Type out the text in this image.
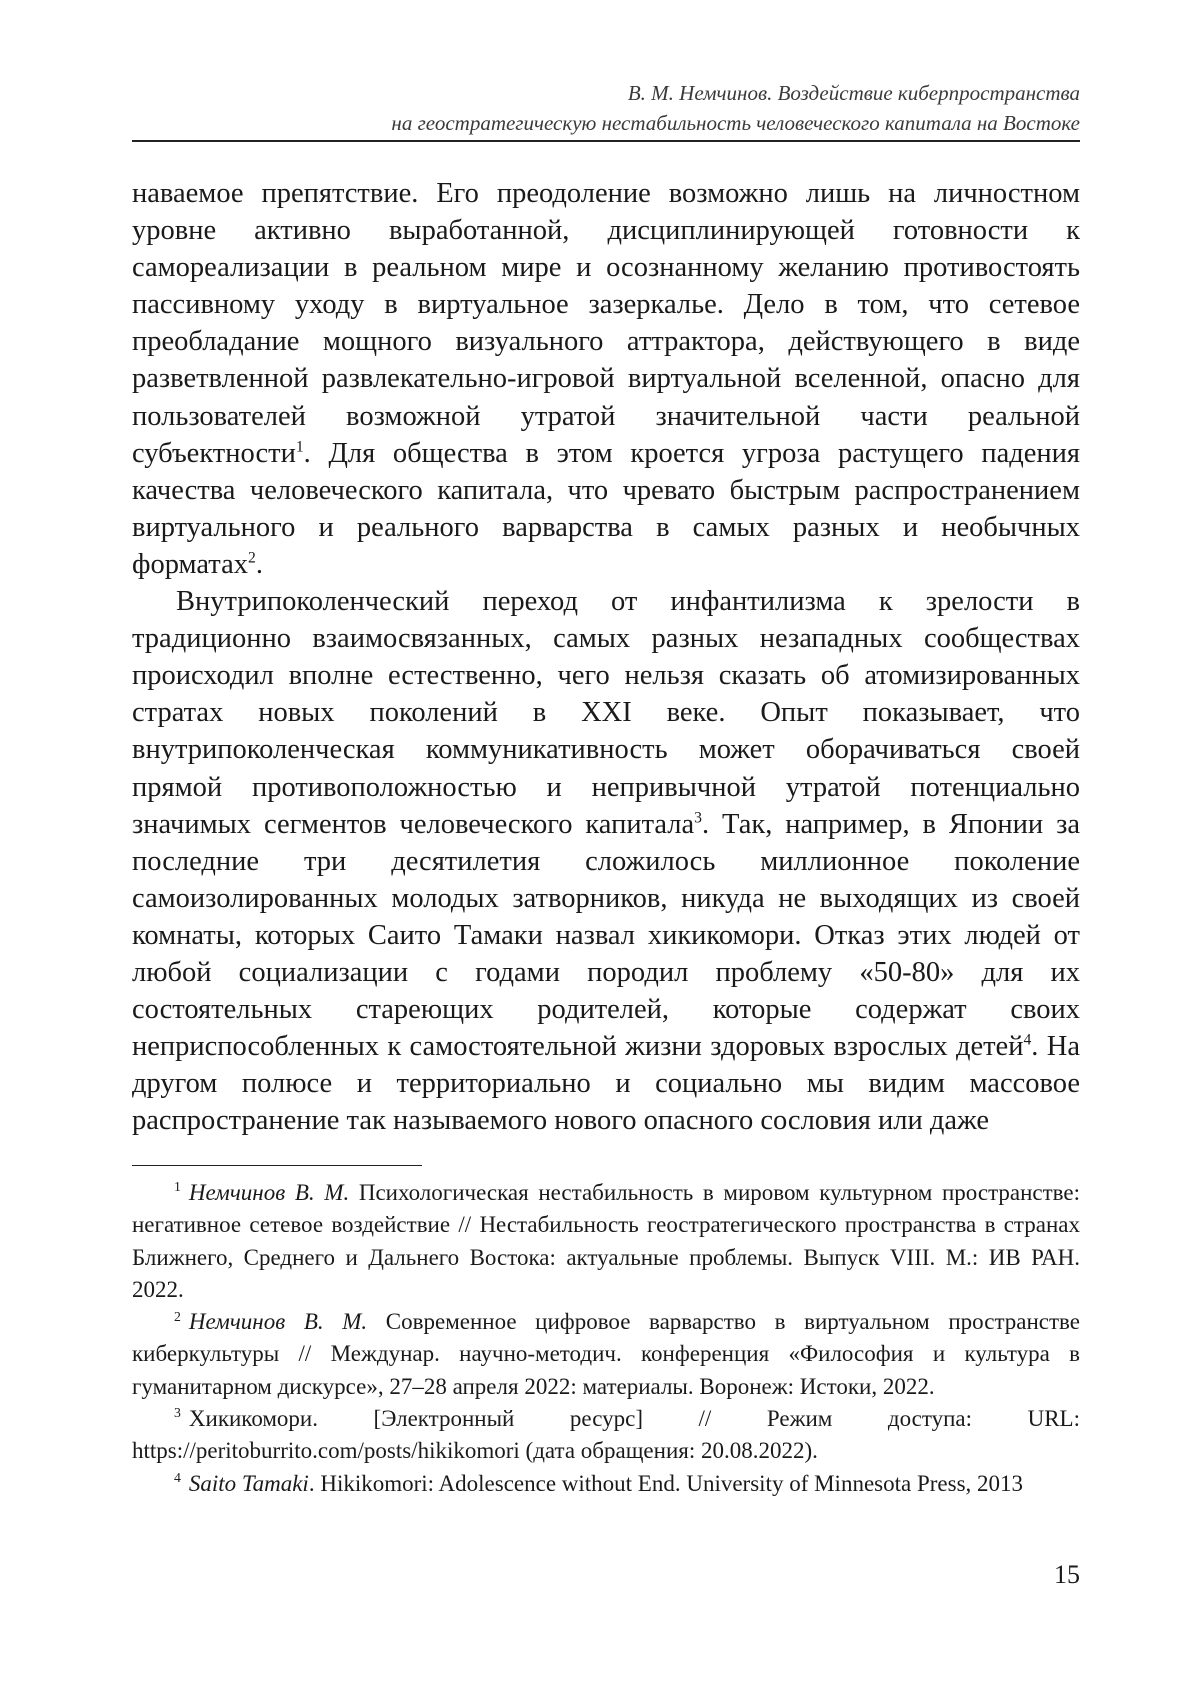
В. М. Немчинов. Воздействие киберпространства
на геостратегическую нестабильность человеческого капитала на Востоке

наваемое препятствие. Его преодоление возможно лишь на личностном уровне активно выработанной, дисциплинирующей готовности к самореализации в реальном мире и осознанному желанию противостоять пассивному уходу в виртуальное зазеркалье. Дело в том, что сетевое преобладание мощного визуального аттрактора, действующего в виде разветвленной развлекательно-игровой виртуальной вселенной, опасно для пользователей возможной утратой значительной части реальной субъектности1. Для общества в этом кроется угроза растущего падения качества человеческого капитала, что чревато быстрым распространением виртуального и реального варварства в самых разных и необычных форматах2.

Внутрипоколенческий переход от инфантилизма к зрелости в традиционно взаимосвязанных, самых разных незападных сообществах происходил вполне естественно, чего нельзя сказать об атомизированных стратах новых поколений в XXI веке. Опыт показывает, что внутрипоколенческая коммуникативность может оборачиваться своей прямой противоположностью и непривычной утратой потенциально значимых сегментов человеческого капитала3. Так, например, в Японии за последние три десятилетия сложилось миллионное поколение самоизолированных молодых затворников, никуда не выходящих из своей комнаты, которых Саито Тамаки назвал хикикомори. Отказ этих людей от любой социализации с годами породил проблему «50-80» для их состоятельных стареющих родителей, которые содержат своих неприспособленных к самостоятельной жизни здоровых взрослых детей4. На другом полюсе и территориально и социально мы видим массовое распространение так называемого нового опасного сословия или даже

1 Немчинов В. М. Психологическая нестабильность в мировом культурном пространстве: негативное сетевое воздействие // Нестабильность геостратегического пространства в странах Ближнего, Среднего и Дальнего Востока: актуальные проблемы. Выпуск VIII. М.: ИВ РАН. 2022.

2 Немчинов В. М. Современное цифровое варварство в виртуальном пространстве киберкультуры // Междунар. научно-методич. конференция «Философия и культура в гуманитарном дискурсе», 27–28 апреля 2022: материалы. Воронеж: Истоки, 2022.

3 Хикикомори. [Электронный ресурс] // Режим доступа: URL: https://peritoburrito.com/posts/hikikomori (дата обращения: 20.08.2022).

4 Saito Tamaki. Hikikomori: Adolescence without End. University of Minnesota Press, 2013

15
